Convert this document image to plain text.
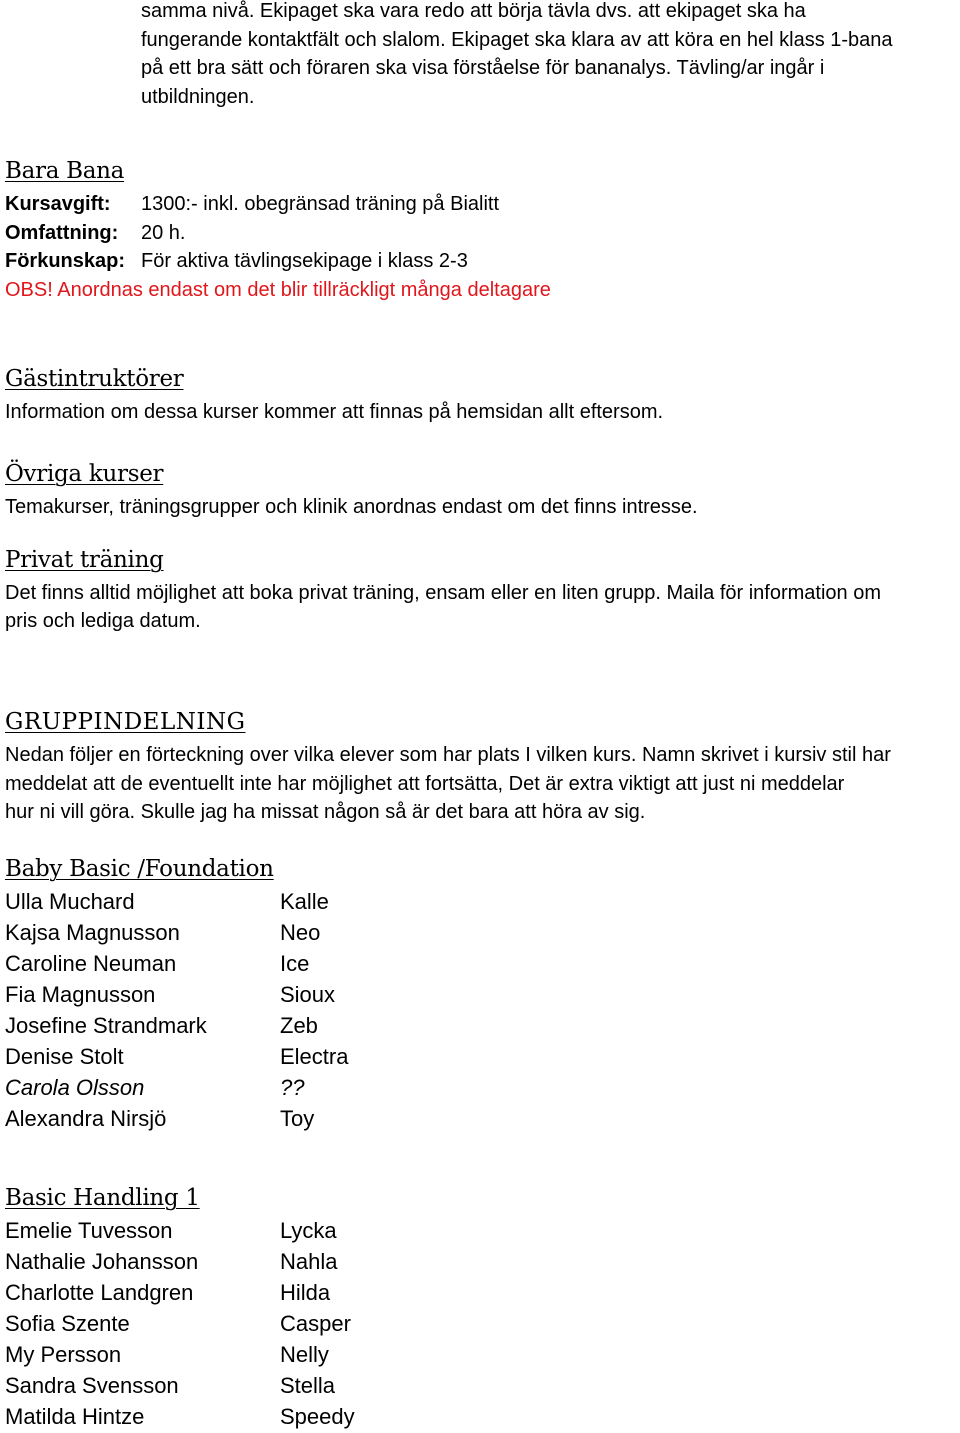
samma nivå. Ekipaget ska vara redo att börja tävla dvs. att ekipaget ska ha
fungerande kontaktfält och slalom. Ekipaget ska klara av att köra en hel klass 1-bana
på ett bra sätt och föraren ska visa förståelse för bananalys. Tävling/ar ingår i
utbildningen.
Bara Bana
Kursavgift: 1300:- inkl. obegränsad träning på Bialitt
Omfattning: 20 h.
Förkunskap: För aktiva tävlingsekipage i klass 2-3
OBS! Anordnas endast om det blir tillräckligt många deltagare
Gästintruktörer
Information om dessa kurser kommer att finnas på hemsidan allt eftersom.
Övriga kurser
Temakurser, träningsgrupper och klinik anordnas endast om det finns intresse.
Privat träning
Det finns alltid möjlighet att boka privat träning, ensam eller en liten grupp. Maila för information om
pris och lediga datum.
GRUPPINDELNING
Nedan följer en förteckning over vilka elever som har plats I vilken kurs. Namn skrivet i kursiv stil har
meddelat att de eventuellt inte har möjlighet att fortsätta, Det är extra viktigt att just ni meddelar
hur ni vill göra. Skulle jag ha missat någon så är det bara att höra av sig.
Baby Basic /Foundation
Ulla Muchard	Kalle
Kajsa Magnusson	Neo
Caroline Neuman	Ice
Fia Magnusson	Sioux
Josefine Strandmark	Zeb
Denise Stolt	Electra
Carola Olsson	??
Alexandra Nirsjö	Toy
Basic Handling 1
Emelie Tuvesson	Lycka
Nathalie Johansson	Nahla
Charlotte Landgren	Hilda
Sofia Szente	Casper
My Persson	Nelly
Sandra Svensson	Stella
Matilda Hintze	Speedy
